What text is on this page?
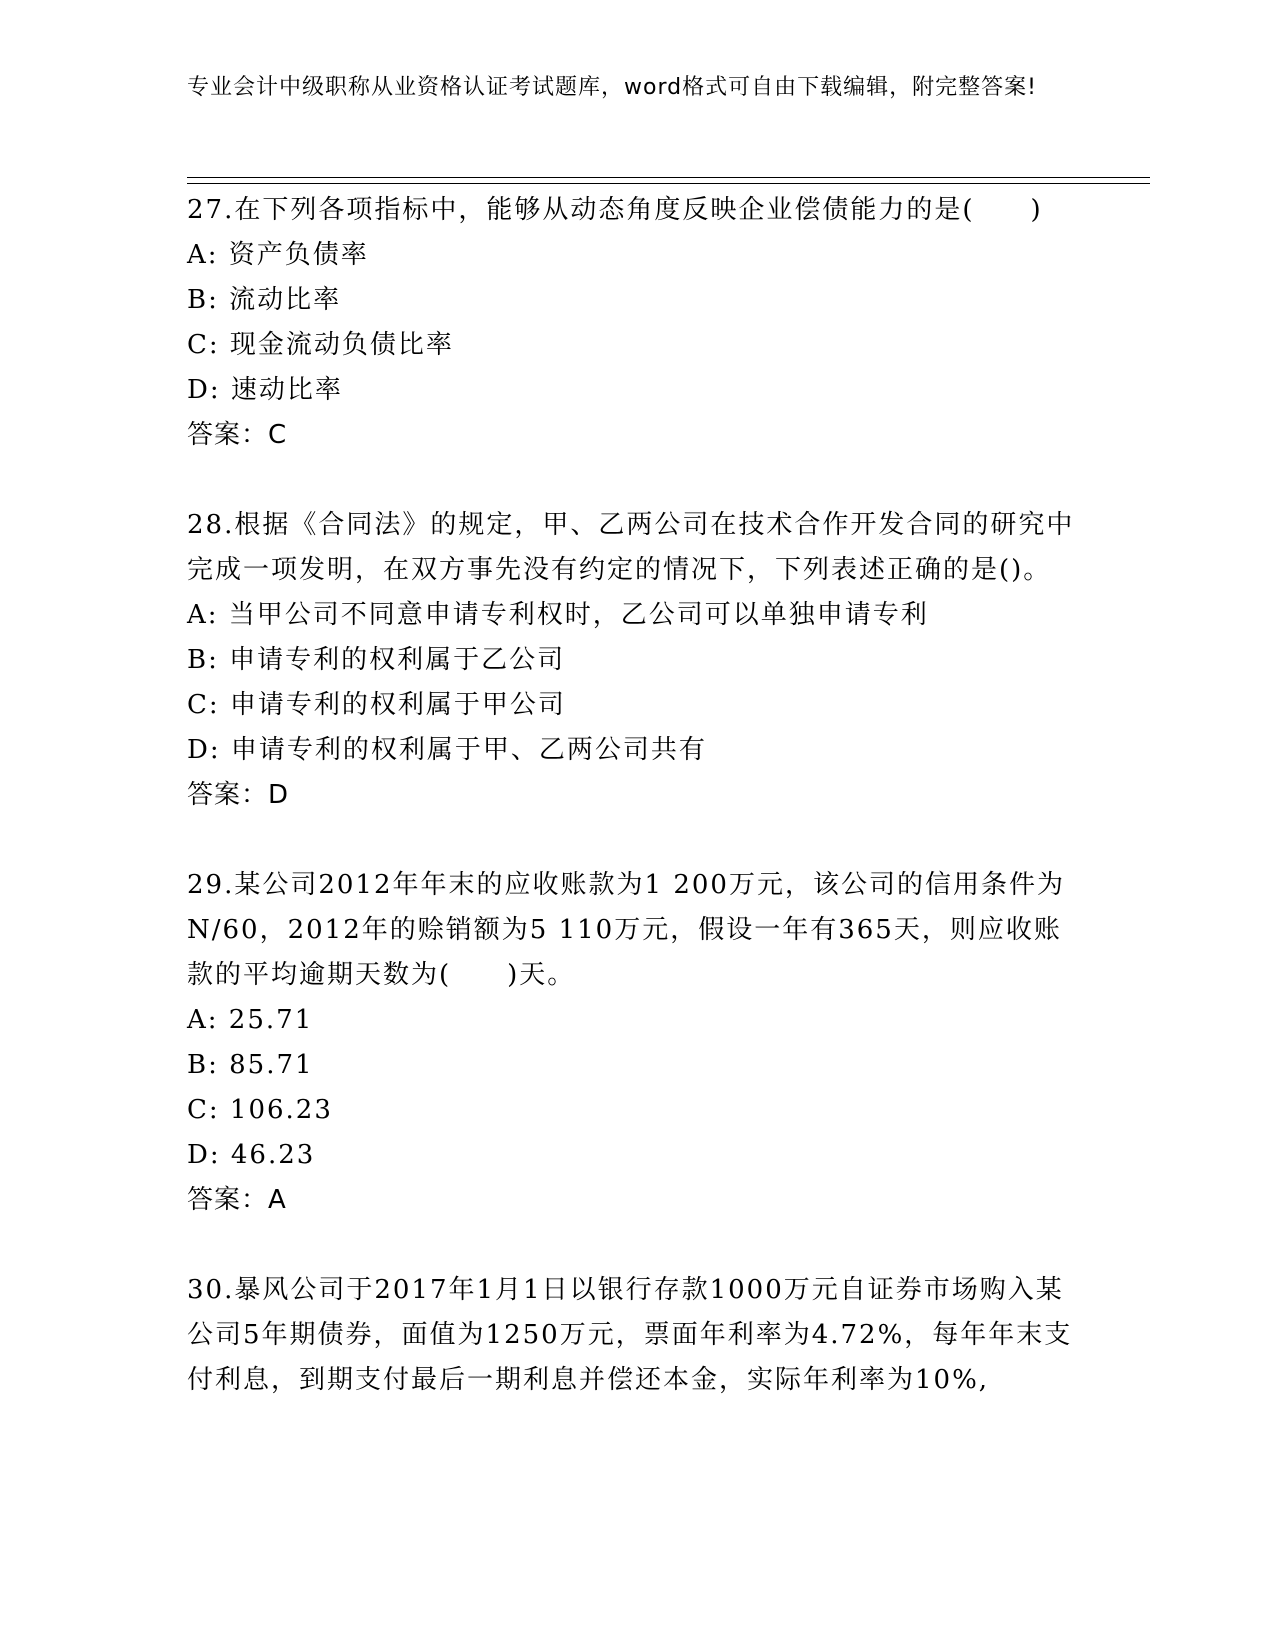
专业会计中级职称从业资格认证考试题库，word格式可自由下载编辑，附完整答案!

27.在下列各项指标中，能够从动态角度反映企业偿债能力的是(　　)

A: 资产负债率

B: 流动比率

C: 现金流动负债比率

D: 速动比率

答案：C

28.根据《合同法》的规定，甲、乙两公司在技术合作开发合同的研究中完成一项发明，在双方事先没有约定的情况下，下列表述正确的是()。

A: 当甲公司不同意申请专利权时，乙公司可以单独申请专利

B: 申请专利的权利属于乙公司

C: 申请专利的权利属于甲公司

D: 申请专利的权利属于甲、乙两公司共有

答案：D

29.某公司2012年年末的应收账款为1 200万元，该公司的信用条件为N/60，2012年的赊销额为5 110万元，假设一年有365天，则应收账款的平均逾期天数为(　　)天。

A: 25.71

B: 85.71

C: 106.23

D: 46.23

答案：A

30.暴风公司于2017年1月1日以银行存款1000万元自证券市场购入某公司5年期债券，面值为1250万元，票面年利率为4.72%，每年年末支付利息，到期支付最后一期利息并偿还本金，实际年利率为10%,
